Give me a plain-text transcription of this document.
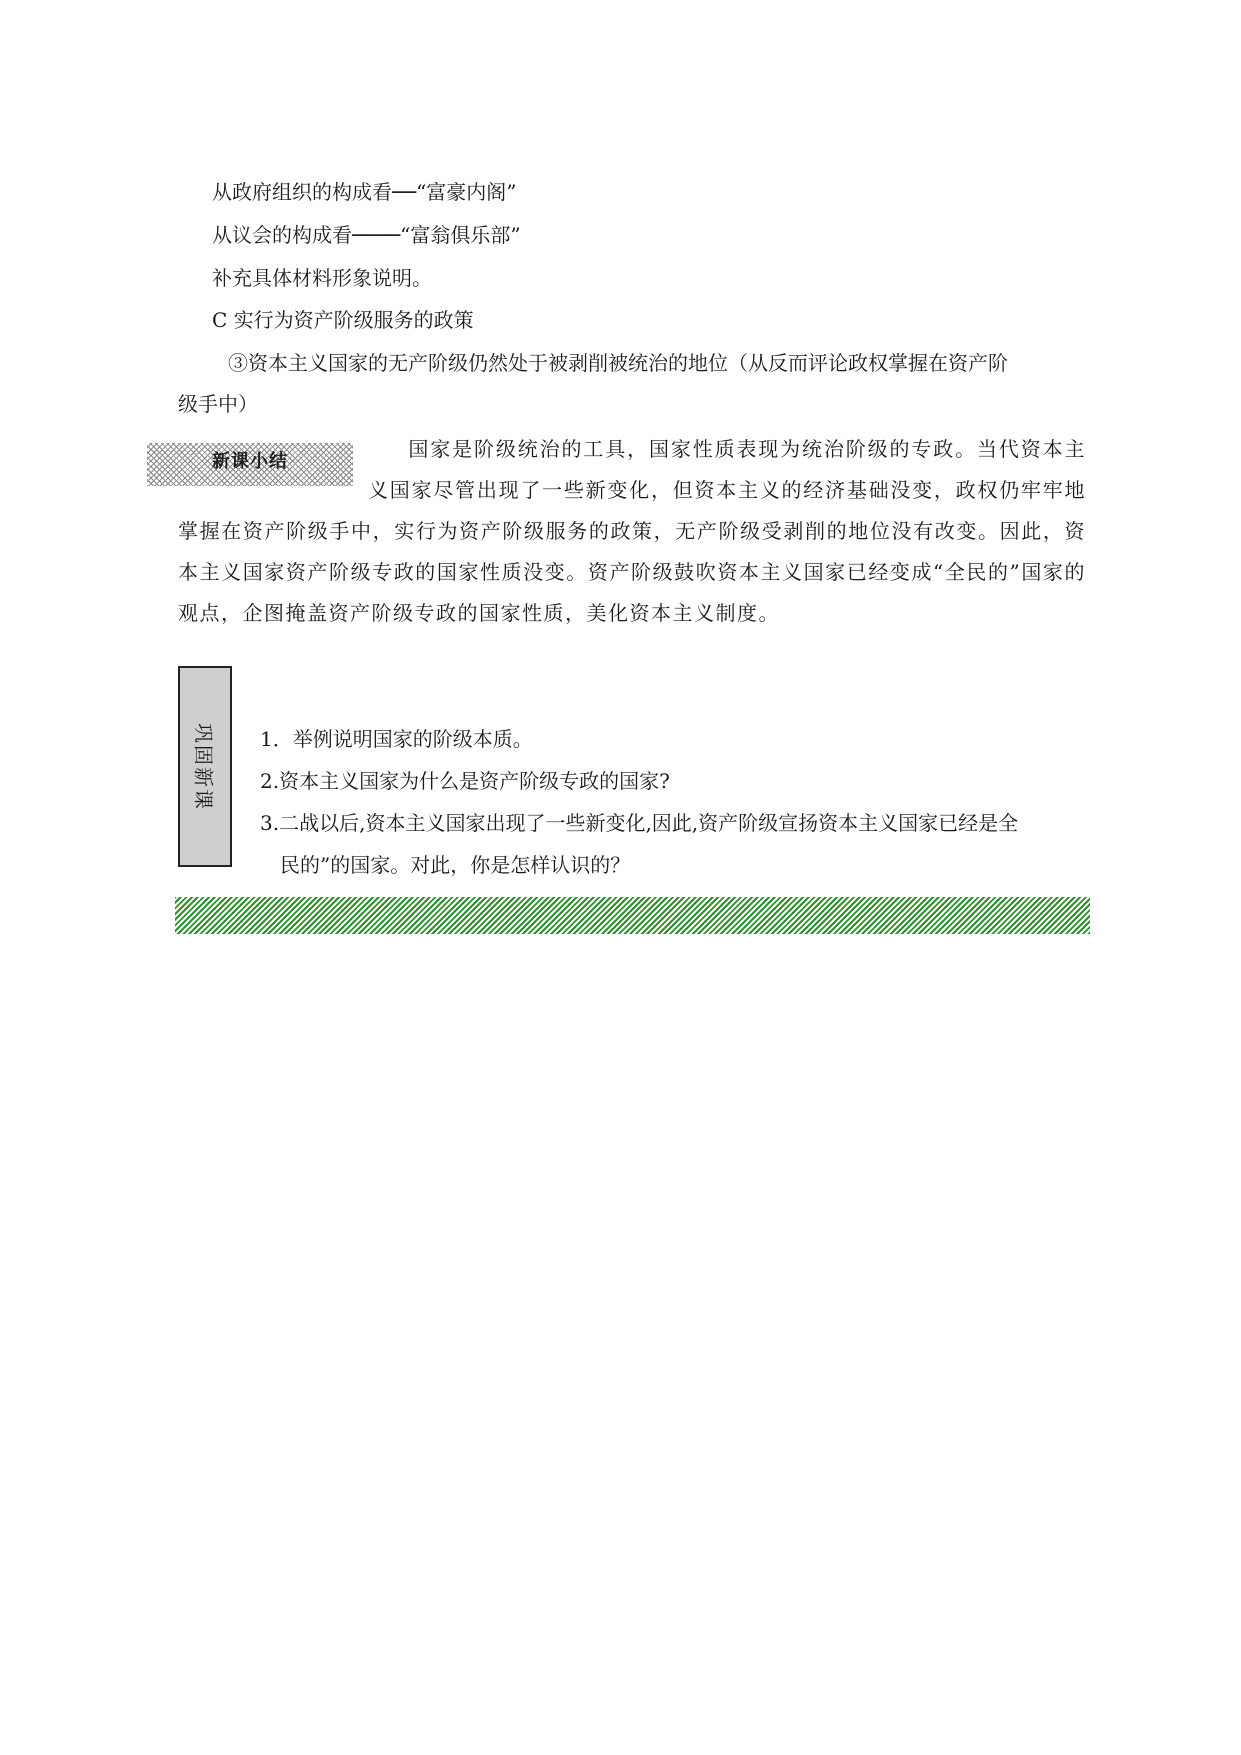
从政府组织的构成看──“富豪内阁”
从议会的构成看────“富翁俱乐部”
补充具体材料形象说明。
C 实行为资产阶级服务的政策
③资本主义国家的无产阶级仍然处于被剥削被统治的地位（从反而评论政权掌握在资产阶
级手中）
新课小结
国家是阶级统治的工具，国家性质表现为统治阶级的专政。当代资本主义国家尽管出现了一些新变化，但资本主义的经济基础没变，政权仍牢牢地掌握在资产阶级手中，实行为资产阶级服务的政策，无产阶级受剥削的地位没有改变。因此，资本主义国家资产阶级专政的国家性质没变。资产阶级鼓吹资本主义国家已经变成“全民的”国家的观点，企图掩盖资产阶级专政的国家性质，美化资本主义制度。
巩固新课 1．举例说明国家的阶级本质。
2.资本主义国家为什么是资产阶级专政的国家?
3.二战以后,资本主义国家出现了一些新变化,因此,资产阶级宣扬资本主义国家已经是全
民的”的国家。对此，你是怎样认识的？
